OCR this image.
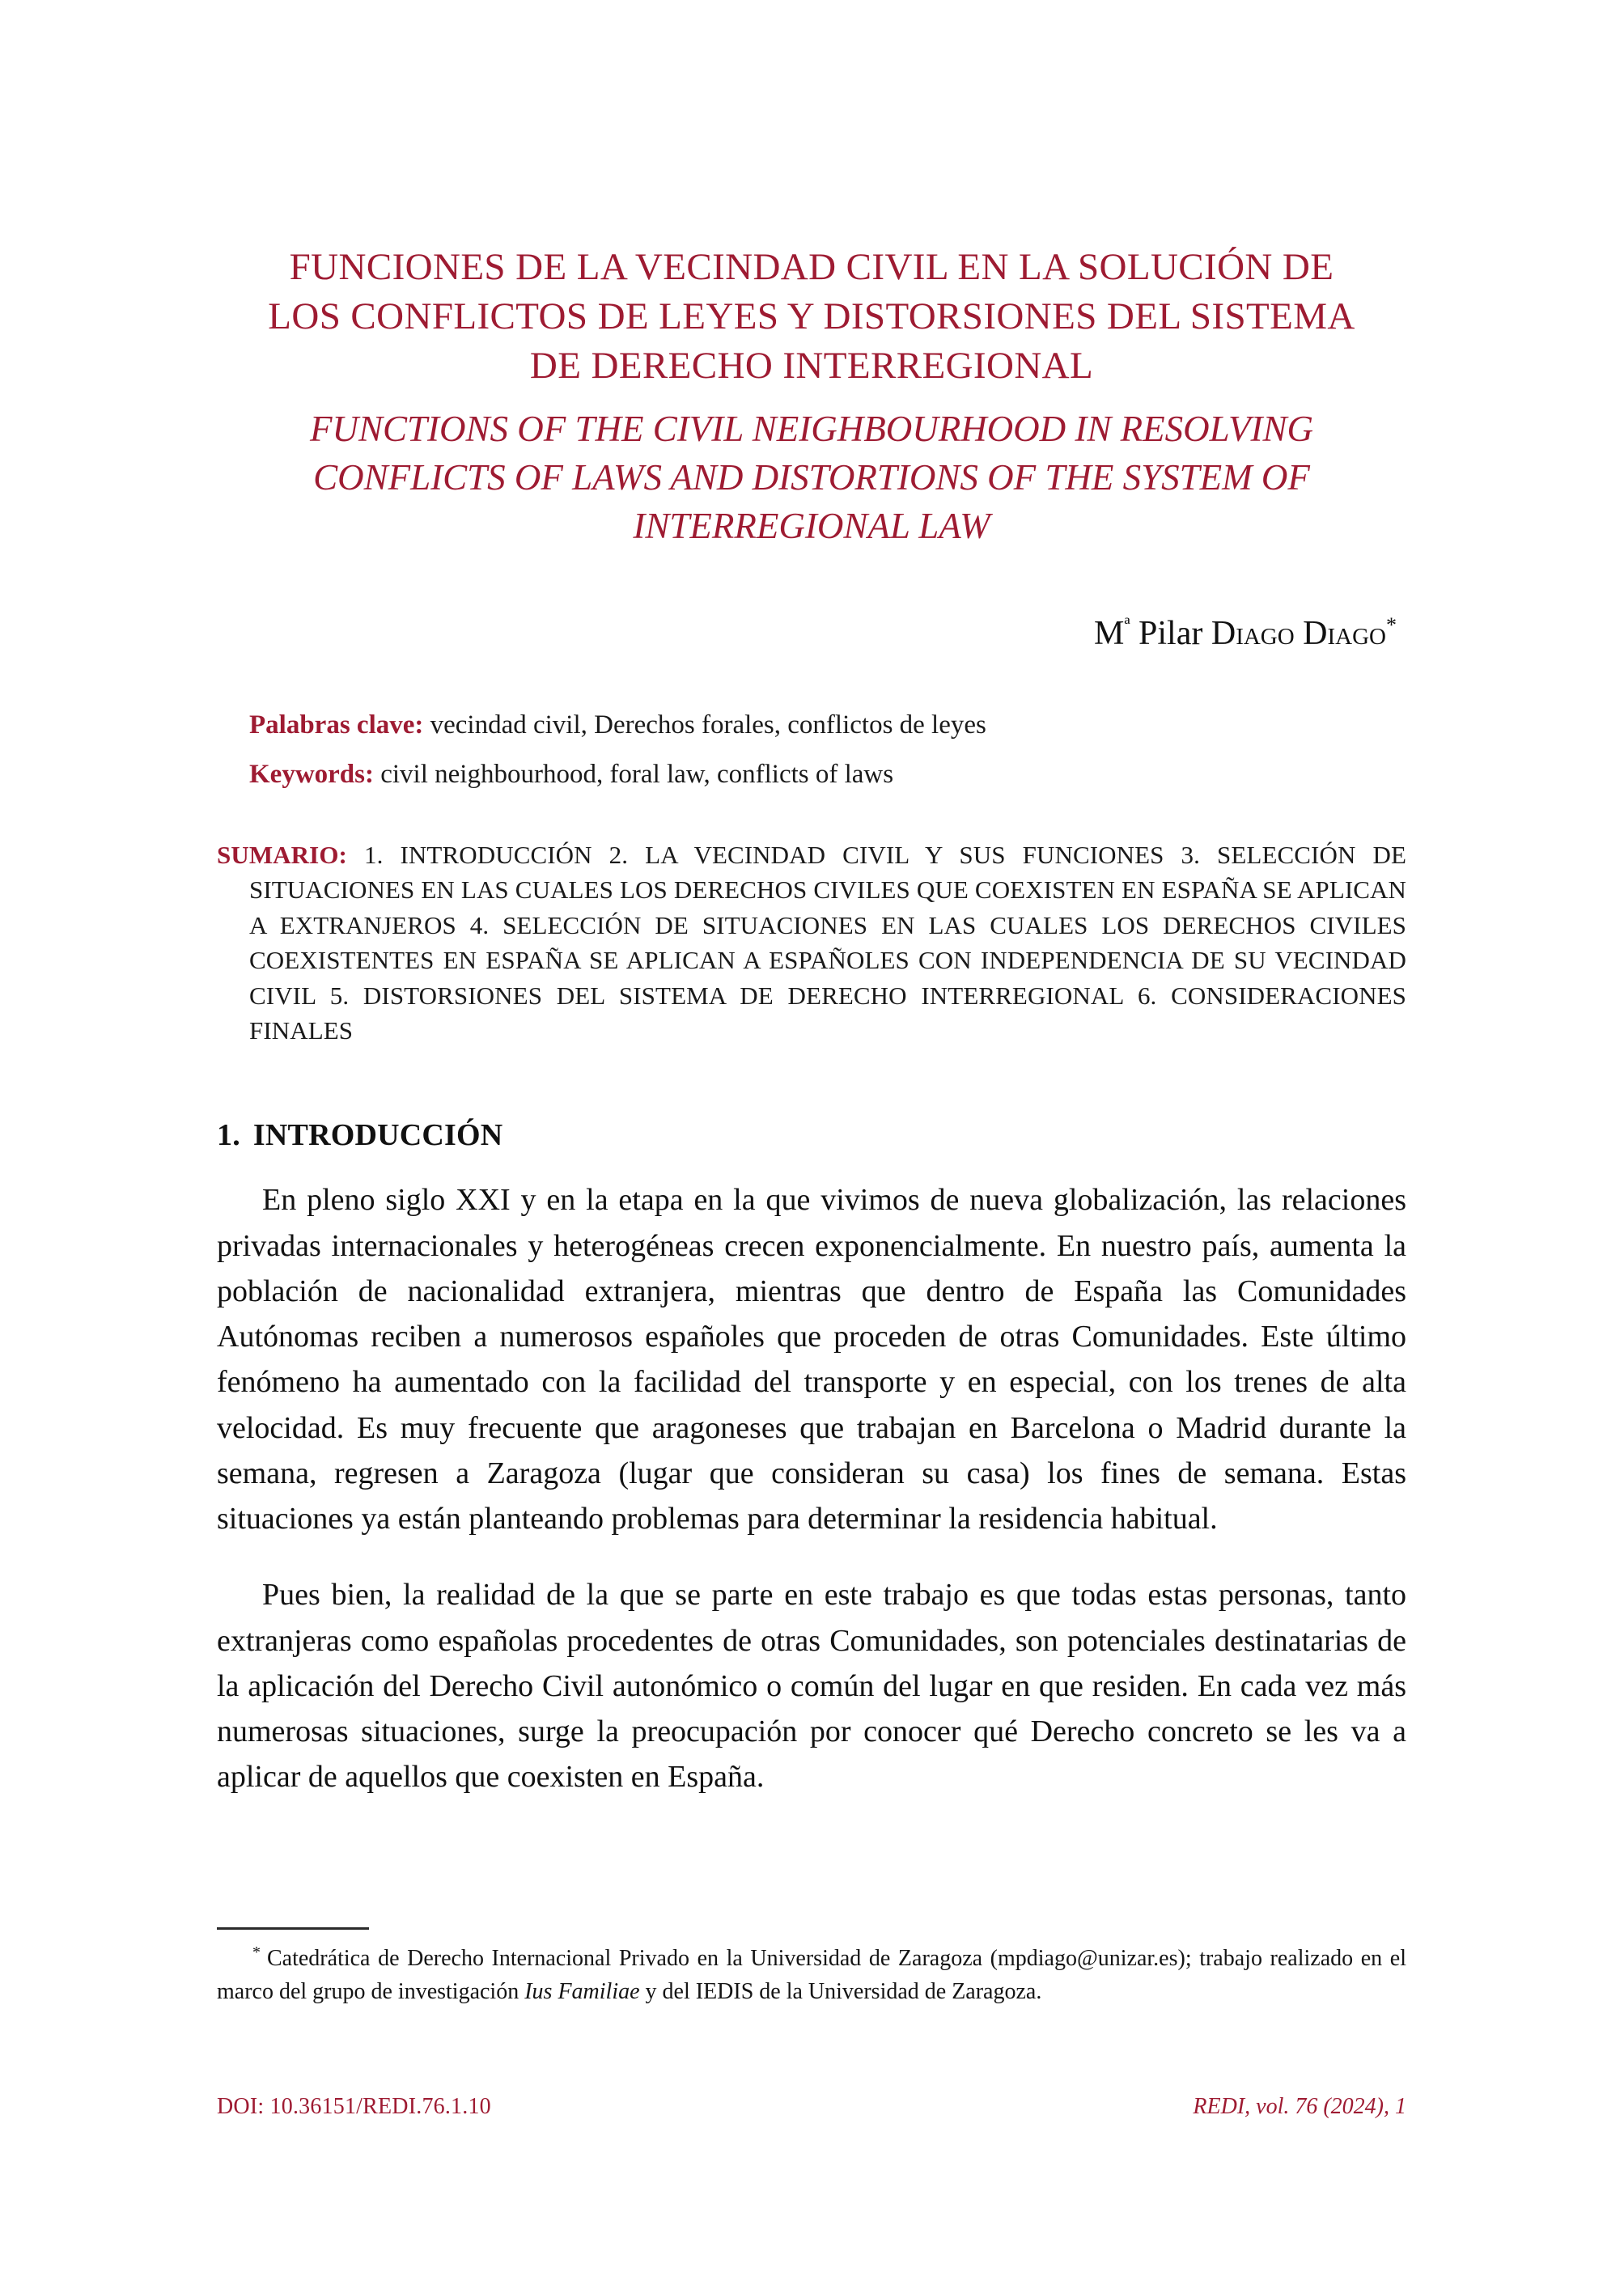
FUNCIONES DE LA VECINDAD CIVIL EN LA SOLUCIÓN DE LOS CONFLICTOS DE LEYES Y DISTORSIONES DEL SISTEMA DE DERECHO INTERREGIONAL
FUNCTIONS OF THE CIVIL NEIGHBOURHOOD IN RESOLVING CONFLICTS OF LAWS AND DISTORTIONS OF THE SYSTEM OF INTERREGIONAL LAW
$M^ª$ Pilar Diago Diago*
Palabras clave: vecindad civil, Derechos forales, conflictos de leyes
Keywords: civil neighbourhood, foral law, conflicts of laws
SUMARIO: 1. INTRODUCCIÓN 2. LA VECINDAD CIVIL Y SUS FUNCIONES 3. SELECCIÓN DE SITUACIONES EN LAS CUALES LOS DERECHOS CIVILES QUE COEXISTEN EN ESPAÑA SE APLICAN A EXTRANJEROS 4. SELECCIÓN DE SITUACIONES EN LAS CUALES LOS DERECHOS CIVILES COEXISTENTES EN ESPAÑA SE APLICAN A ESPAÑOLES CON INDEPENDENCIA DE SU VECINDAD CIVIL 5. DISTORSIONES DEL SISTEMA DE DERECHO INTERREGIONAL 6. CONSIDERACIONES FINALES
1. INTRODUCCIÓN

En pleno siglo XXI y en la etapa en la que vivimos de nueva globalización, las relaciones privadas internacionales y heterogéneas crecen exponencialmente. En nuestro país, aumenta la población de nacionalidad extranjera, mientras que dentro de España las Comunidades Autónomas reciben a numerosos españoles que proceden de otras Comunidades. Este último fenómeno ha aumentado con la facilidad del transporte y en especial, con los trenes de alta velocidad. Es muy frecuente que aragoneses que trabajan en Barcelona o Madrid durante la semana, regresen a Zaragoza (lugar que consideran su casa) los fines de semana. Estas situaciones ya están planteando problemas para determinar la residencia habitual.

Pues bien, la realidad de la que se parte en este trabajo es que todas estas personas, tanto extranjeras como españolas procedentes de otras Comunidades, son potenciales destinatarias de la aplicación del Derecho Civil autonómico o común del lugar en que residen. En cada vez más numerosas situaciones, surge la preocupación por conocer qué Derecho concreto se les va a aplicar de aquellos que coexisten en España.

* Catedrática de Derecho Internacional Privado en la Universidad de Zaragoza (mpdiago@unizar.es); trabajo realizado en el marco del grupo de investigación Ius Familiae y del IEDIS de la Universidad de Zaragoza.
DOI: 10.36151/REDI.76.1.10	REDI, vol. 76 (2024), 1
